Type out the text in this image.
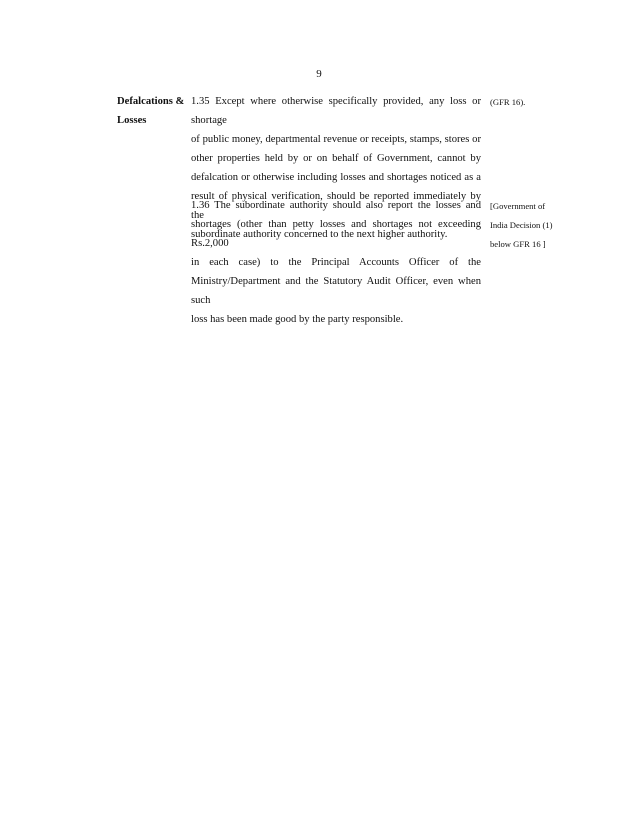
9
Defalcations &
Losses
1.35 Except where otherwise specifically provided, any loss or shortage
of public money, departmental revenue or receipts, stamps, stores or
other properties held by or on behalf of Government, cannot by
defalcation or otherwise including losses and shortages noticed as a
result of physical verification, should be reported immediately by the
subordinate authority concerned to the next higher authority.
(GFR 16).
1.36 The subordinate authority should also report the losses and
shortages (other than petty losses and shortages not exceeding Rs.2,000
in each case) to the Principal Accounts Officer of the
Ministry/Department and the Statutory Audit Officer, even when such
loss has been made good by the party responsible.
[Government of
India Decision (1)
below GFR 16 ]
